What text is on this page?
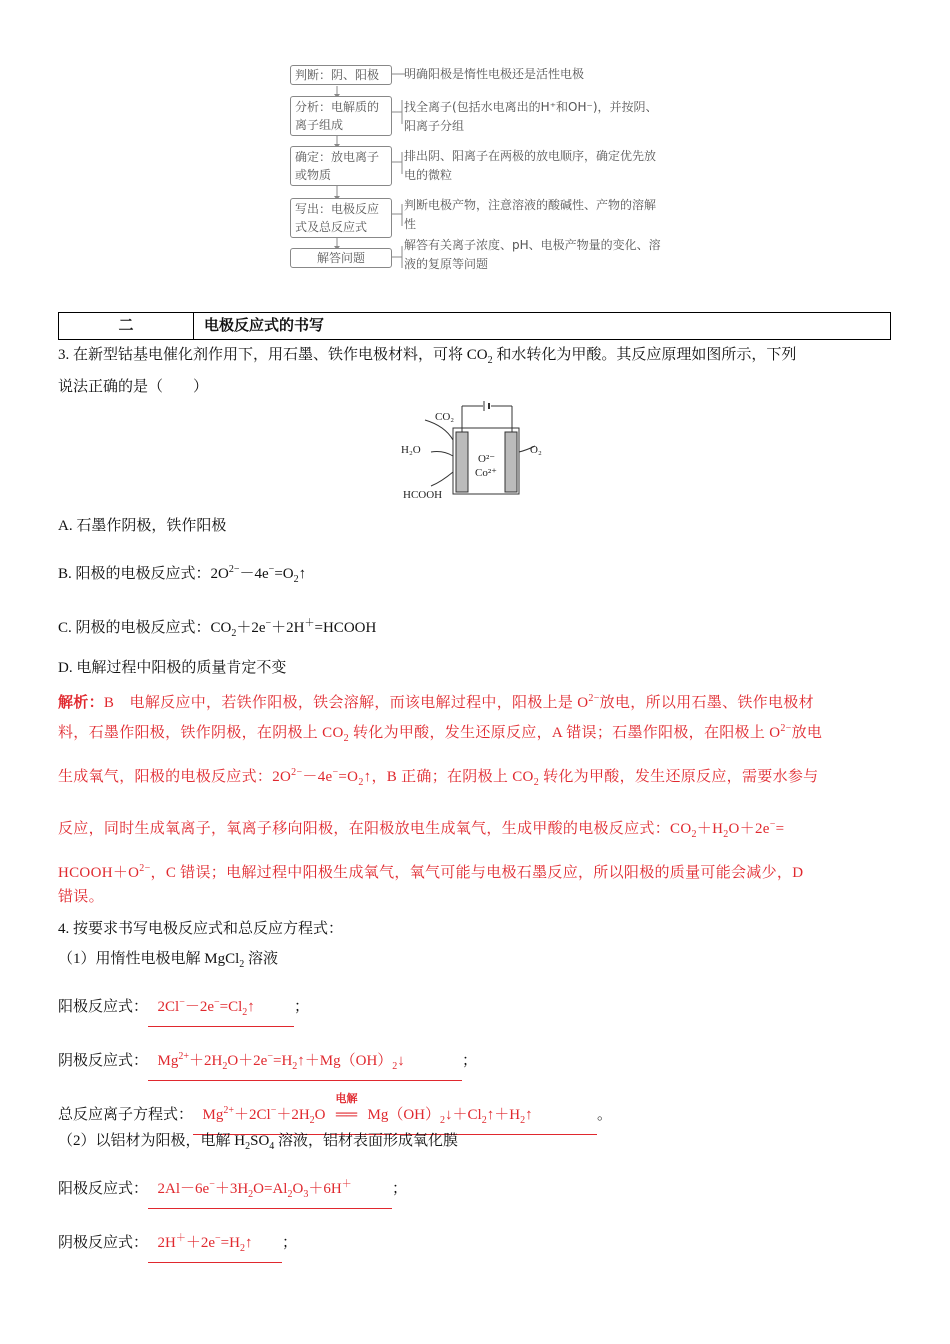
判断：阴、阳极	明确阳极是惰性电极还是活性电极
分析：电解质的离子组成
找全离子(包括水电离出的H⁺和OH⁻)，并按阴、阳离子分组
确定：放电离子或物质
排出阴、阳离子在两极的放电顺序，确定优先放电的微粒
写出：电极反应式及总反应式
判断电极产物，注意溶液的酸碱性、产物的溶解性
解答问题
解答有关离子浓度、pH、电极产物量的变化、溶液的复原等问题
二	电极反应式的书写
3. 在新型钴基电催化剂作用下，用石墨、铁作电极材料，可将 $CO_2$ 和水转化为甲酸。其反应原理如图所示，下列
说法正确的是（　　）
CO₂
H₂O	O₂
O²⁻
Co²⁺
HCOOH
A. 石墨作阴极，铁作阳极
B. 阳极的电极反应式：$2O^{2-}-4e^-=O_2↑$
C. 阴极的电极反应式：$CO_2+2e^-+2H^+=HCOOH$
D. 电解过程中阳极的质量肯定不变
解析：B　 电解反应中，若铁作阳极，铁会溶解，而该电解过程中，阳极上是 $O^{2-}$放电，所以用石墨、铁作电极材
料，石墨作阳极，铁作阴极，在阴极上 $CO_2$ 转化为甲酸，发生还原反应，A 错误；石墨作阳极，在阳极上 $O^{2-}$放电
生成氧气，阳极的电极反应式：$2O^{2-}-4e^-=O_2↑$，B 正确；在阴极上 $CO_2$ 转化为甲酸，发生还原反应，需要水参与
反应，同时生成氧离子，氧离子移向阳极，在阳极放电生成氧气，生成甲酸的电极反应式：$CO_2+H_2O+2e^-=$
$HCOOH+O^{2-}$，C 错误；电解过程中阳极生成氧气，氧气可能与电极石墨反应，所以阳极的质量可能会减少，D
错误。
4. 按要求书写电极反应式和总反应方程式：
（1）用惰性电极电解 MgCl$_2$ 溶液
阳极反应式：  $2Cl^--2e^-=Cl_2↑$  ；
阴极反应式：  $Mg^{2+}+2H_2O+2e^-=H_2↑+Mg(OH)_2↓$	；
总反应离子方程式：  $Mg^{2+}+2Cl^-+2H_2O$
电解
══ $Mg(OH)_2↓+Cl_2↑+H_2↑$	。
（2）以铝材为阳极，电解 $H_2SO_4$ 溶液，铝材表面形成氧化膜
阳极反应式：  $2Al-6e^-+3H_2O=Al_2O_3+6H^+$	；
阴极反应式：  $2H^++2e^-=H_2↑$  ；
